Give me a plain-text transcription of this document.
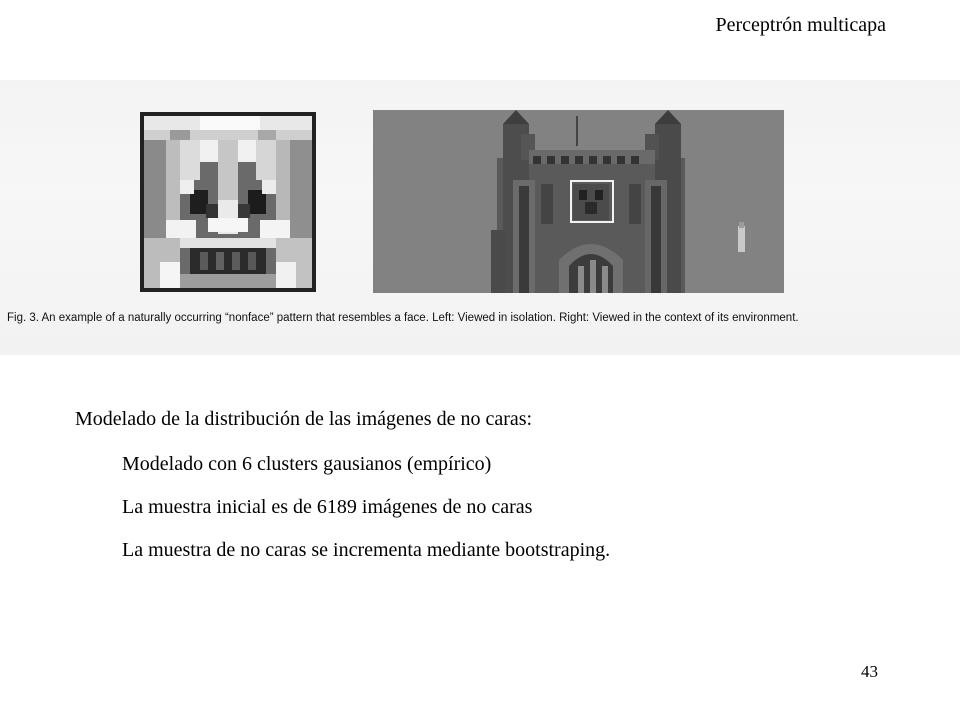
Perceptrón multicapa
Fig. 3. An example of a naturally occurring “nonface” pattern that resembles a face. Left: Viewed in isolation. Right: Viewed in the context of its environment.
Modelado de la distribución de las imágenes de no caras:
Modelado con 6 clusters gausianos (empírico)
La muestra inicial es de 6189 imágenes de no caras
La muestra de no caras se incrementa mediante bootstraping.
43
